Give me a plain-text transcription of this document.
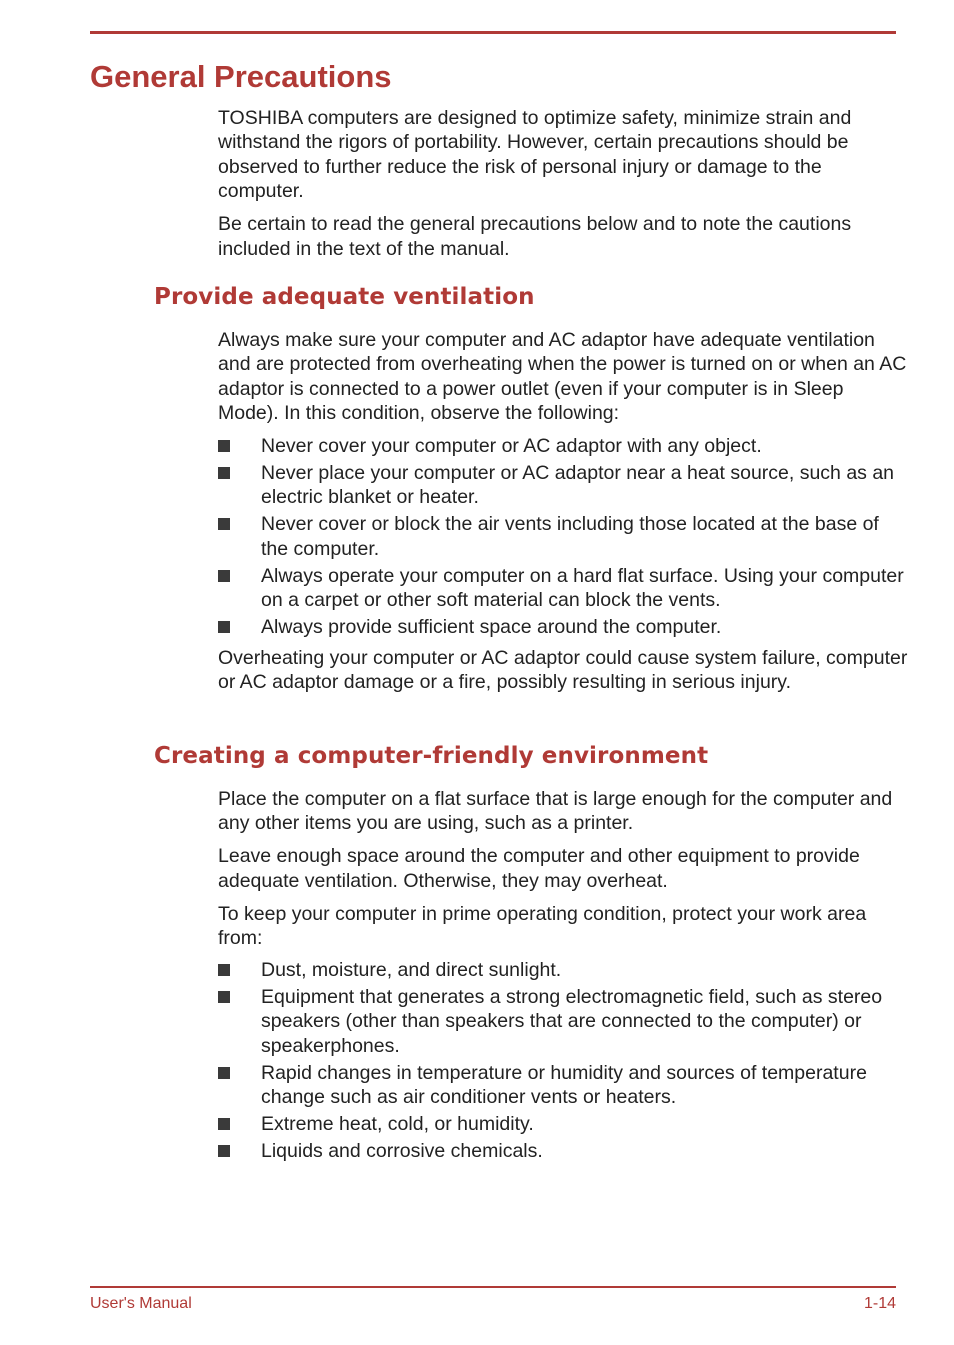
General Precautions

TOSHIBA computers are designed to optimize safety, minimize strain and withstand the rigors of portability. However, certain precautions should be observed to further reduce the risk of personal injury or damage to the computer.

Be certain to read the general precautions below and to note the cautions included in the text of the manual.

Provide adequate ventilation

Always make sure your computer and AC adaptor have adequate ventilation and are protected from overheating when the power is turned on or when an AC adaptor is connected to a power outlet (even if your computer is in Sleep Mode). In this condition, observe the following:

Never cover your computer or AC adaptor with any object.
Never place your computer or AC adaptor near a heat source, such as an electric blanket or heater.
Never cover or block the air vents including those located at the base of the computer.
Always operate your computer on a hard flat surface. Using your computer on a carpet or other soft material can block the vents.
Always provide sufficient space around the computer.

Overheating your computer or AC adaptor could cause system failure, computer or AC adaptor damage or a fire, possibly resulting in serious injury.

Creating a computer-friendly environment

Place the computer on a flat surface that is large enough for the computer and any other items you are using, such as a printer.

Leave enough space around the computer and other equipment to provide adequate ventilation. Otherwise, they may overheat.

To keep your computer in prime operating condition, protect your work area from:

Dust, moisture, and direct sunlight.
Equipment that generates a strong electromagnetic field, such as stereo speakers (other than speakers that are connected to the computer) or speakerphones.
Rapid changes in temperature or humidity and sources of temperature change such as air conditioner vents or heaters.
Extreme heat, cold, or humidity.
Liquids and corrosive chemicals.
User's Manual	1-14
